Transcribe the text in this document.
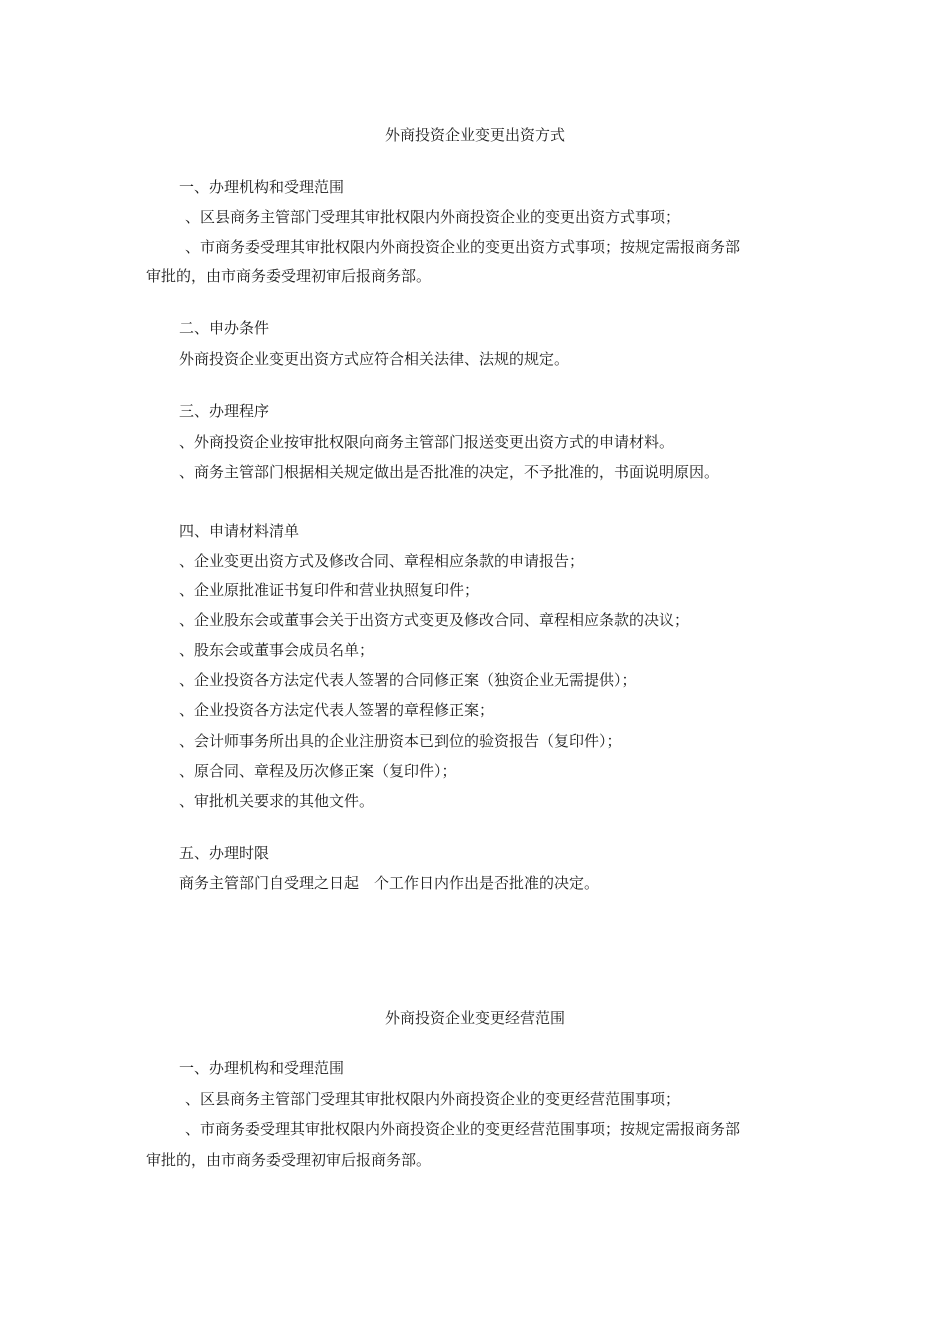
外商投资企业变更出资方式
一、办理机构和受理范围
、区县商务主管部门受理其审批权限内外商投资企业的变更出资方式事项；
、市商务委受理其审批权限内外商投资企业的变更出资方式事项；按规定需报商务部
审批的，由市商务委受理初审后报商务部。
二、申办条件
外商投资企业变更出资方式应符合相关法律、法规的规定。
三、办理程序
、外商投资企业按审批权限向商务主管部门报送变更出资方式的申请材料。
、商务主管部门根据相关规定做出是否批准的决定，不予批准的，书面说明原因。
四、申请材料清单
、企业变更出资方式及修改合同、章程相应条款的申请报告；
、企业原批准证书复印件和营业执照复印件；
、企业股东会或董事会关于出资方式变更及修改合同、章程相应条款的决议；
、股东会或董事会成员名单；
、企业投资各方法定代表人签署的合同修正案（独资企业无需提供）；
、企业投资各方法定代表人签署的章程修正案；
、会计师事务所出具的企业注册资本已到位的验资报告（复印件）；
、原合同、章程及历次修正案（复印件）；
、审批机关要求的其他文件。
五、办理时限
商务主管部门自受理之日起　个工作日内作出是否批准的决定。
外商投资企业变更经营范围
一、办理机构和受理范围
、区县商务主管部门受理其审批权限内外商投资企业的变更经营范围事项；
、市商务委受理其审批权限内外商投资企业的变更经营范围事项；按规定需报商务部
审批的，由市商务委受理初审后报商务部。
